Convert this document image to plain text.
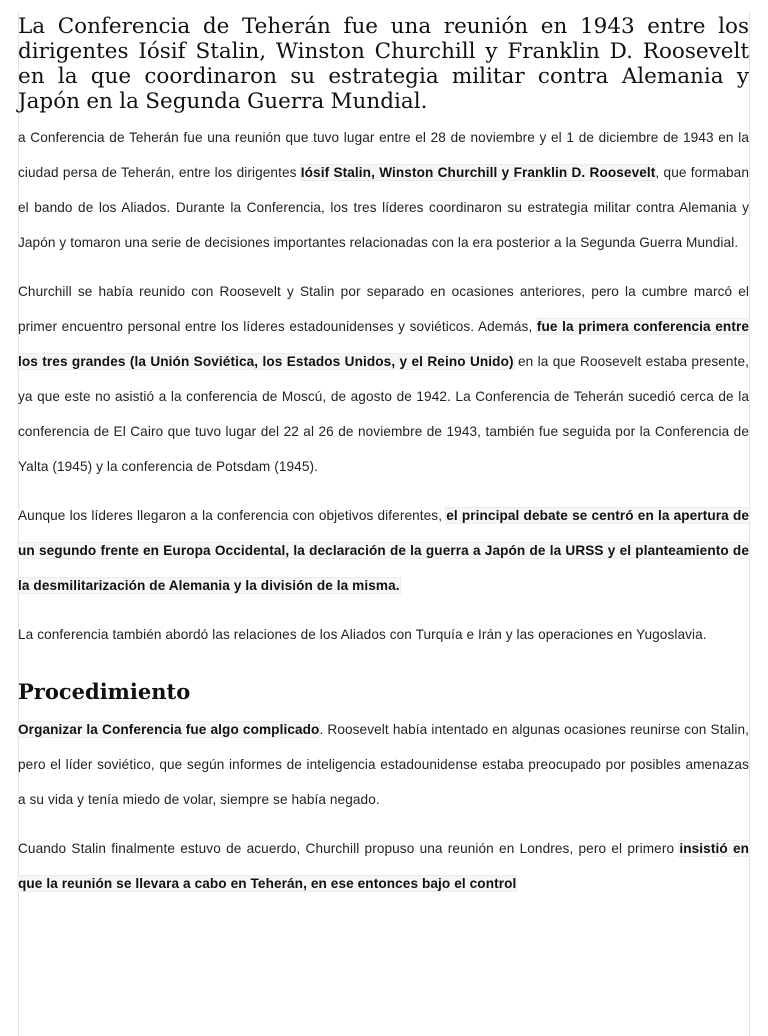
La Conferencia de Teherán fue una reunión en 1943 entre los dirigentes Iósif Stalin, Winston Churchill y Franklin D. Roosevelt en la que coordinaron su estrategia militar contra Alemania y Japón en la Segunda Guerra Mundial.

a Conferencia de Teherán fue una reunión que tuvo lugar entre el 28 de noviembre y el 1 de diciembre de 1943 en la ciudad persa de Teherán, entre los dirigentes Iósif Stalin, Winston Churchill y Franklin D. Roosevelt, que formaban el bando de los Aliados. Durante la Conferencia, los tres líderes coordinaron su estrategia militar contra Alemania y Japón y tomaron una serie de decisiones importantes relacionadas con la era posterior a la Segunda Guerra Mundial.

Churchill se había reunido con Roosevelt y Stalin por separado en ocasiones anteriores, pero la cumbre marcó el primer encuentro personal entre los líderes estadounidenses y soviéticos. Además, fue la primera conferencia entre los tres grandes (la Unión Soviética, los Estados Unidos, y el Reino Unido) en la que Roosevelt estaba presente, ya que este no asistió a la conferencia de Moscú, de agosto de 1942. La Conferencia de Teherán sucedió cerca de la conferencia de El Cairo que tuvo lugar del 22 al 26 de noviembre de 1943, también fue seguida por la Conferencia de Yalta (1945) y la conferencia de Potsdam (1945).

Aunque los líderes llegaron a la conferencia con objetivos diferentes, el principal debate se centró en la apertura de un segundo frente en Europa Occidental, la declaración de la guerra a Japón de la URSS y el planteamiento de la desmilitarización de Alemania y la división de la misma.

La conferencia también abordó las relaciones de los Aliados con Turquía e Irán y las operaciones en Yugoslavia.

Procedimiento

Organizar la Conferencia fue algo complicado. Roosevelt había intentado en algunas ocasiones reunirse con Stalin, pero el líder soviético, que según informes de inteligencia estadounidense estaba preocupado por posibles amenazas a su vida y tenía miedo de volar, siempre se había negado.

Cuando Stalin finalmente estuvo de acuerdo, Churchill propuso una reunión en Londres, pero el primero insistió en que la reunión se llevara a cabo en Teherán, en ese entonces bajo el control
